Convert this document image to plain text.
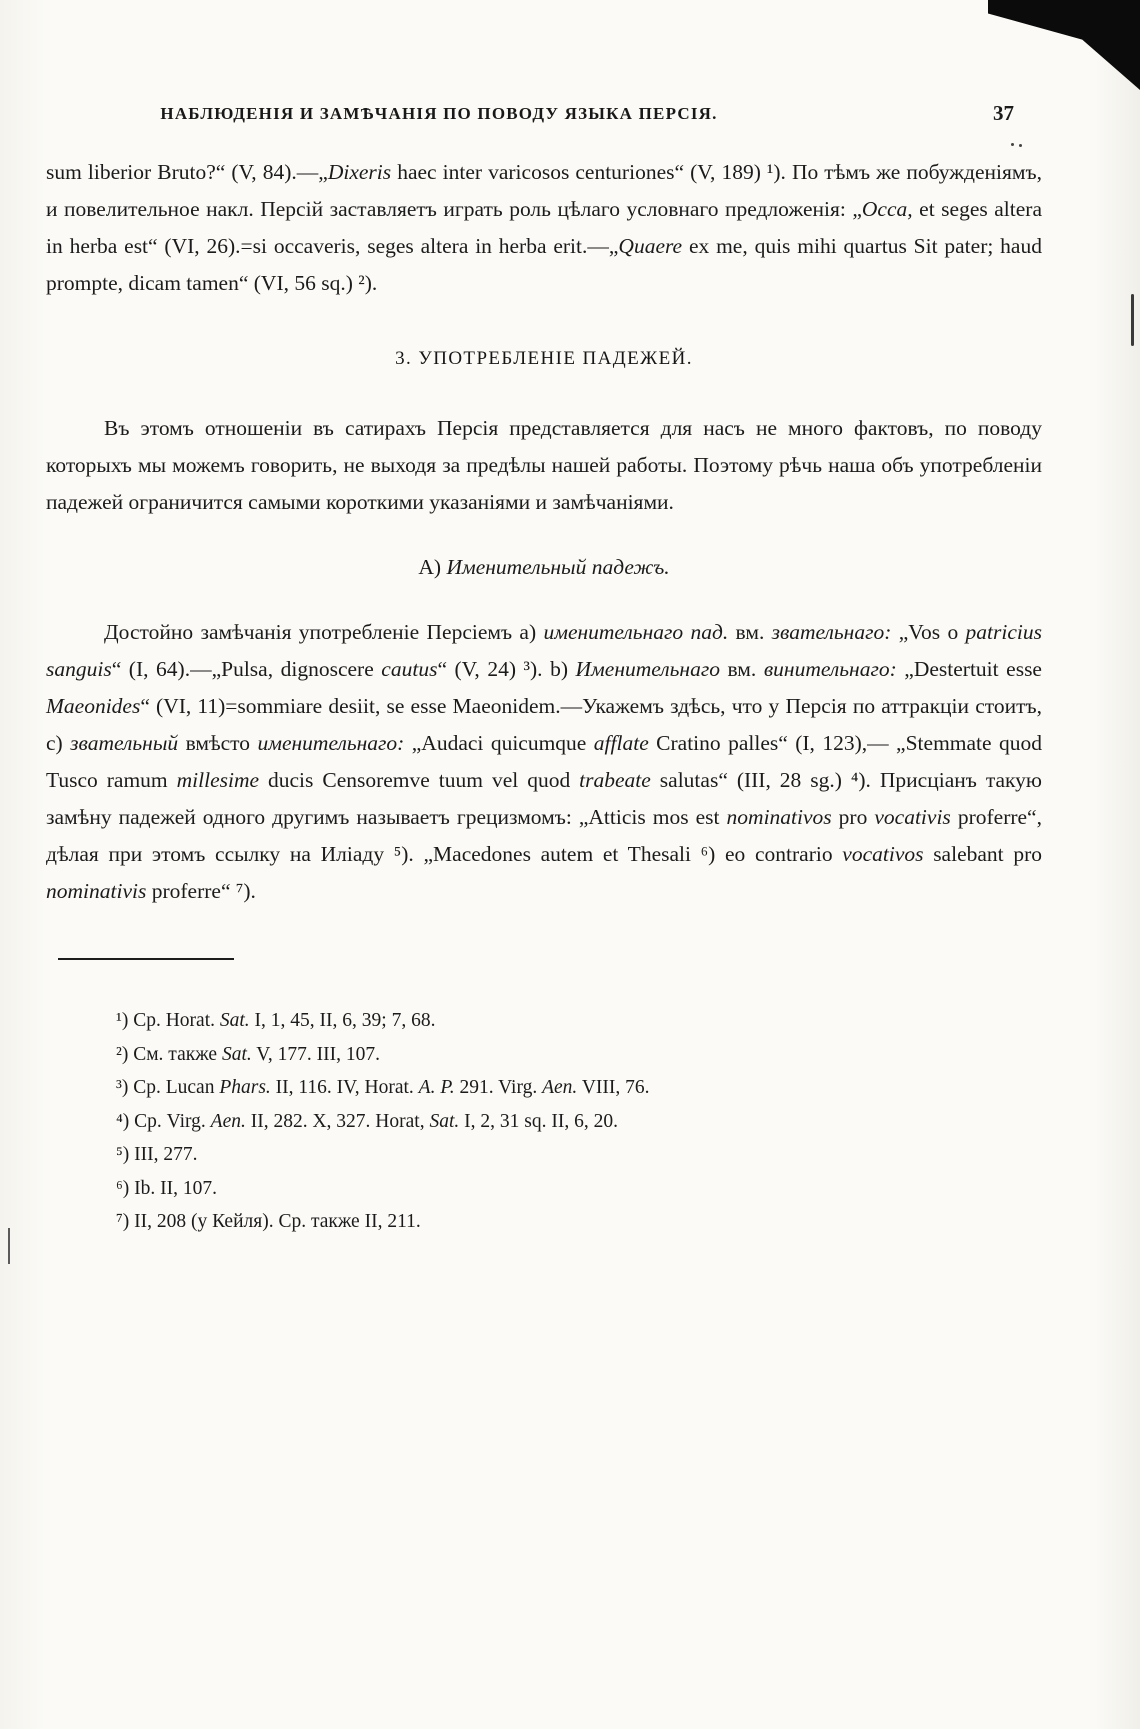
НАБЛЮДЕНІЯ И ЗАМѢЧАНІЯ ПО ПОВОДУ ЯЗЫКА ПЕРСІЯ.	37

sum liberior Bruto?“ (V, 84).—„Dixeris haec inter varicosos centuriones“ (V, 189) ¹). По тѣмъ же побужденіямъ, и повелительное накл. Персій заставляетъ играть роль цѣлаго условнаго предложенія: „Occa, et seges altera in herba est“ (VI, 26).=si occaveris, seges altera in herba erit.—„Quaere ex me, quis mihi quartus Sit pater; haud prompte, dicam tamen“ (VI, 56 sq.) ²).

3. УПОТРЕБЛЕНІЕ ПАДЕЖЕЙ.

Въ этомъ отношеніи въ сатирахъ Персія представляется для насъ не много фактовъ, по поводу которыхъ мы можемъ говорить, не выходя за предѣлы нашей работы. Поэтому рѣчь наша объ употребленіи падежей ограничится самыми короткими указаніями и замѣчаніями.

А) Именительный падежъ.

Достойно замѣчанія употребленіе Персіемъ а) именительнаго пад. вм. звательнаго: „Vos o patricius sanguis“ (I, 64).—„Pulsa, dignoscere cautus“ (V, 24) ³). b) Именительнаго вм. винительнаго: „Destertuit esse Maeonides“ (VI, 11)=sommiare desiit, se esse Maeonidem.—Укажемъ здѣсь, что у Персія по аттракціи стоитъ, с) звательный вмѣсто именительнаго: „Audaci quicumque afflate Cratino palles“ (I, 123),— „Stemmate quod Tusco ramum millesime ducis Censoremve tuum vel quod trabeate salutas“ (III, 28 sg.) ⁴). Присціанъ такую замѣну падежей одного другимъ называетъ грецизмомъ: „Atticis mos est nominativos pro vocativis proferre“, дѣлая при этомъ ссылку на Иліаду ⁵). „Macedones autem et Thesali ⁶) eo contrario vocativos salebant pro nominativis proferre“ ⁷).

¹) Ср. Horat. Sat. I, 1, 45, II, 6, 39; 7, 68.

²) См. также Sat. V, 177. III, 107.

³) Ср. Lucan Phars. II, 116. IV, Horat. A. P. 291. Virg. Aen. VIII, 76.

⁴) Ср. Virg. Aen. II, 282. X, 327. Horat, Sat. I, 2, 31 sq. II, 6, 20.

⁵) III, 277.

⁶) Ib. II, 107.

⁷) II, 208 (у Кейля). Ср. также II, 211.
